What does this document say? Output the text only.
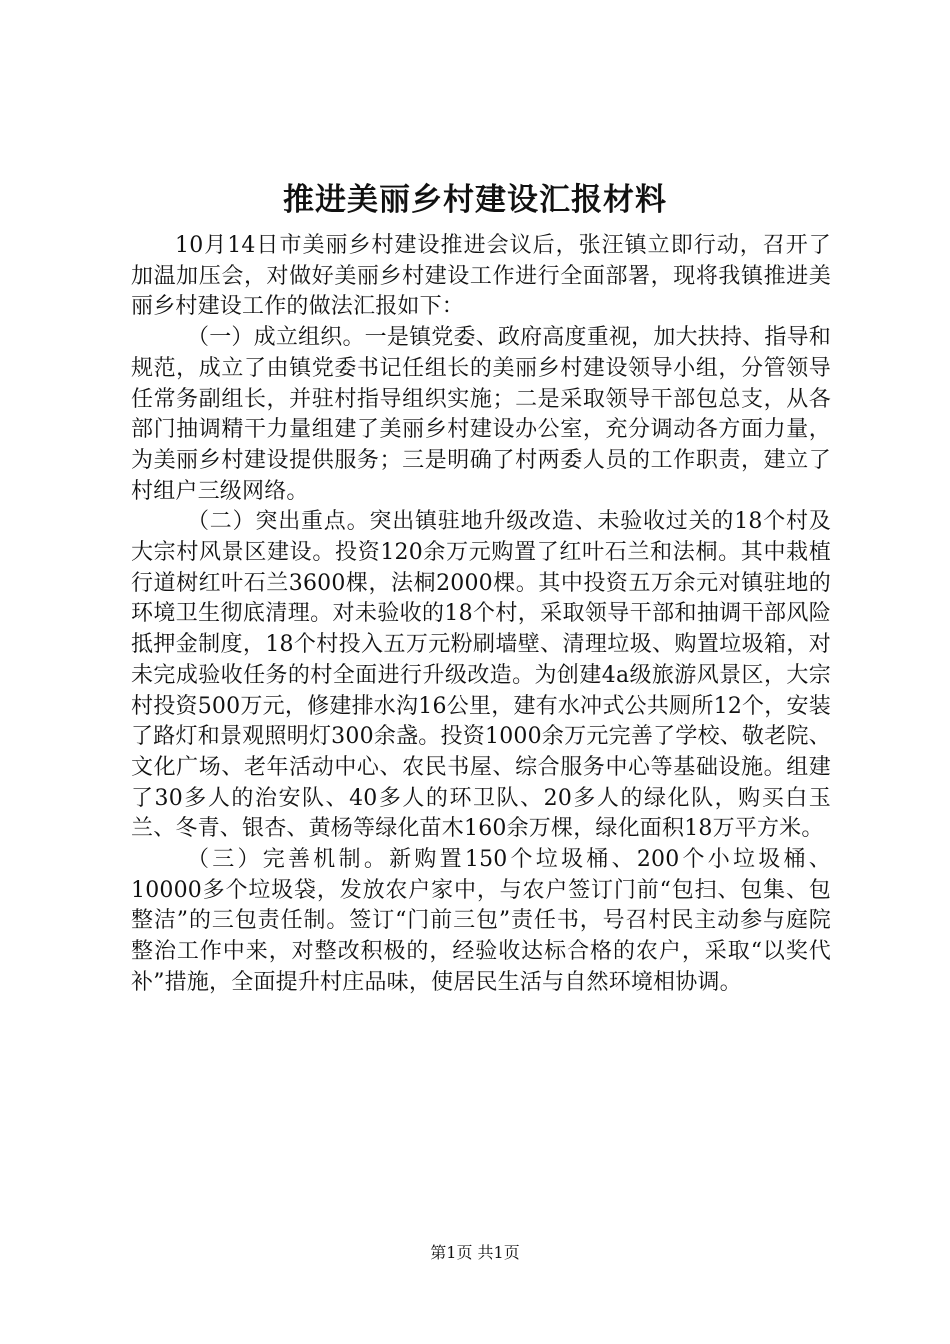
推进美丽乡村建设汇报材料

10月14日市美丽乡村建设推进会议后，张汪镇立即行动，召开了加温加压会，对做好美丽乡村建设工作进行全面部署，现将我镇推进美丽乡村建设工作的做法汇报如下：

（一）成立组织。一是镇党委、政府高度重视，加大扶持、指导和规范，成立了由镇党委书记任组长的美丽乡村建设领导小组，分管领导任常务副组长，并驻村指导组织实施；二是采取领导干部包总支，从各部门抽调精干力量组建了美丽乡村建设办公室，充分调动各方面力量，为美丽乡村建设提供服务；三是明确了村两委人员的工作职责，建立了村组户三级网络。

（二）突出重点。突出镇驻地升级改造、未验收过关的18个村及大宗村风景区建设。投资120余万元购置了红叶石兰和法桐。其中栽植行道树红叶石兰3600棵，法桐2000棵。其中投资五万余元对镇驻地的环境卫生彻底清理。对未验收的18个村，采取领导干部和抽调干部风险抵押金制度，18个村投入五万元粉刷墙壁、清理垃圾、购置垃圾箱，对未完成验收任务的村全面进行升级改造。为创建4a级旅游风景区，大宗村投资500万元，修建排水沟16公里，建有水冲式公共厕所12个，安装了路灯和景观照明灯300余盏。投资1000余万元完善了学校、敬老院、文化广场、老年活动中心、农民书屋、综合服务中心等基础设施。组建了30多人的治安队、40多人的环卫队、20多人的绿化队，购买白玉兰、冬青、银杏、黄杨等绿化苗木160余万棵，绿化面积18万平方米。

（三）完善机制。新购置150个垃圾桶、200个小垃圾桶、10000多个垃圾袋，发放农户家中，与农户签订门前“包扫、包集、包整洁”的三包责任制。签订“门前三包”责任书，号召村民主动参与庭院整治工作中来，对整改积极的，经验收达标合格的农户，采取“以奖代补”措施，全面提升村庄品味，使居民生活与自然环境相协调。

第1页 共1页
